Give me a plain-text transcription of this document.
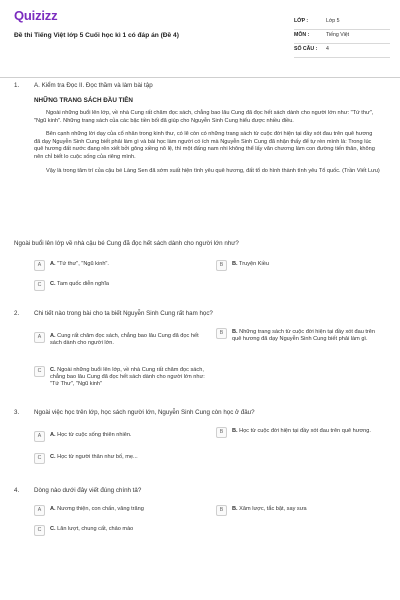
Quizizz
Đề thi Tiếng Việt lớp 5 Cuối học kì 1 có đáp án (Đề 4)
LỚP :	Lớp 5
MÔN :	Tiếng Việt
SỐ CÂU : 4
1. A. Kiểm tra Đọc II. Đọc thầm và làm bài tập
NHỮNG TRANG SÁCH ĐẦU TIÊN
Ngoài những buổi lên lớp, về nhà Cung rất chăm đọc sách, chẳng bao lâu Cung đã đọc hết sách dành cho người lớn như: "Tứ thư", "Ngũ kinh". Những trang sách của các bậc tiền bối đã giúp cho Nguyễn Sinh Cung hiểu được nhiều điều.
Bên cạnh những lời dạy của cổ nhân trong kinh thư, có lẽ còn có những trang sách từ cuộc đời hiện tại đầy xót đau trên quê hương đã dạy Nguyễn Sinh Cung biết phải làm gì và bài học làm người có ích mà Nguyễn Sinh Cung đã nhận thấy để tự rèn mình là: Trong lúc quê hương đất nước đang rên xiết bởi gông xiềng nô lệ, thì một đấng nam nhi không thể lấy văn chương làm con đường tiến thân, không nên chỉ biết lo cuộc sống của riêng mình.
Vậy là trong tâm trí của cậu bé Làng Sen đã sớm xuất hiện tình yêu quê hương, đất tổ do hình thành tình yêu Tổ quốc. (Trần Viết Lưu)
Ngoài buổi lên lớp về nhà cậu bé Cung đã đọc hết sách dành cho người lớn như?
A	A. "Tứ thư", "Ngũ kinh".	B	B. Truyện Kiều
C	C. Tam quốc diễn nghĩa
2. Chi tiết nào trong bài cho ta biết Nguyễn Sinh Cung rất ham học?
A	A. Cung rất chăm đọc sách, chẳng bao lâu Cung đã đọc hết sách dành cho người lớn.
B	B. Những trang sách từ cuộc đời hiện tại đầy xót đau trên quê hương đã dạy Nguyễn Sinh Cung biết phải làm gì.
C	C. Ngoài những buổi lên lớp, về nhà Cung rất chăm đọc sách, chẳng bao lâu Cung đã đọc hết sách dành cho người lớn như: "Tứ Thư", "Ngũ kinh"
3. Ngoài việc học trên lớp, học sách người lớn, Nguyễn Sinh Cung còn học ở đâu?
A	A. Học từ cuộc sống thiên nhiên.	B	B. Học từ cuộc đời hiện tại đầy xót đau trên quê hương.
C	C. Học từ người thân như bố, mẹ...
4. Dòng nào dưới đây viết đúng chính tả?
A	A. Nương thiện, con chấn, vâng trăng	B	B. Xâm lược, tắc bật, say sưa
C	C. Lăn lượt, chung cất, chảo mào
